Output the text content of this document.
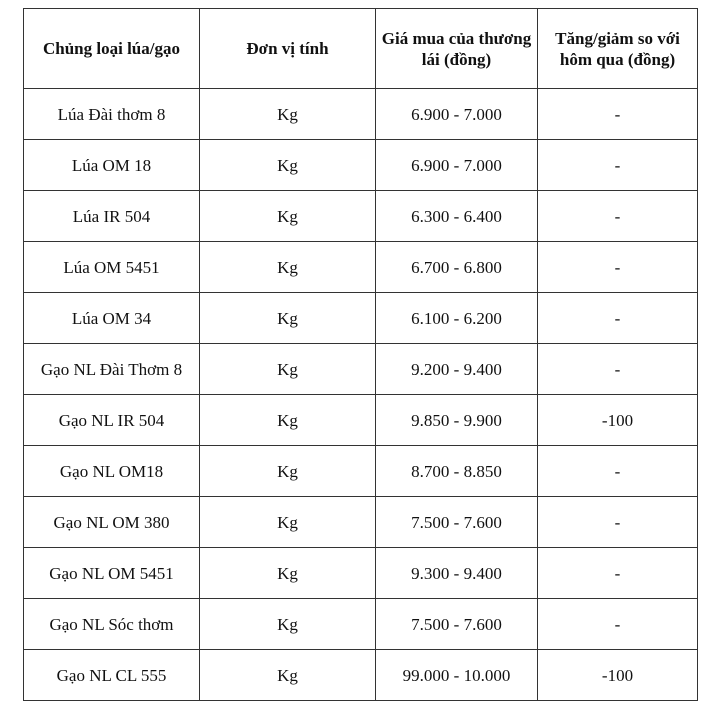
Chủng loại lúa/gạo	Đơn vị tính	Giá mua của thương lái (đồng)	Tăng/giảm so với hôm qua (đồng)
Lúa Đài thơm 8	Kg	6.900 - 7.000	-
Lúa OM 18	Kg	6.900 - 7.000	-
Lúa IR 504	Kg	6.300 - 6.400	-
Lúa OM 5451	Kg	6.700 - 6.800	-
Lúa OM 34	Kg	6.100 - 6.200	-
Gạo NL Đài Thơm 8	Kg	9.200 - 9.400	-
Gạo NL IR 504	Kg	9.850 - 9.900	-100
Gạo NL OM18	Kg	8.700 - 8.850	-
Gạo NL OM 380	Kg	7.500 - 7.600	-
Gạo NL OM 5451	Kg	9.300 - 9.400	-
Gạo NL Sóc thơm	Kg	7.500 - 7.600	-
Gạo NL CL 555	Kg	99.000 - 10.000	-100
